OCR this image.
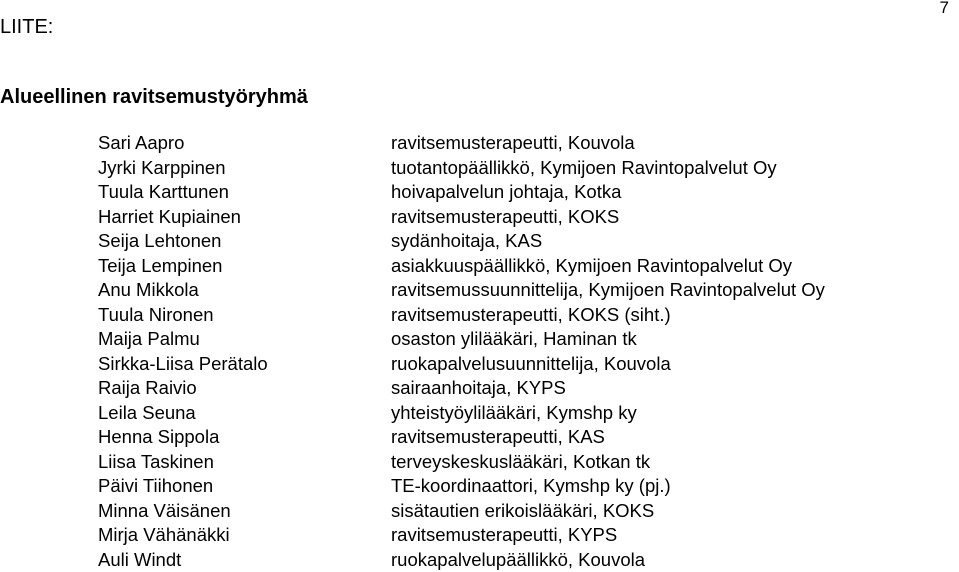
7
LIITE:
Alueellinen ravitsemustyöryhmä
Sari Aapro
Jyrki Karppinen
Tuula Karttunen
Harriet Kupiainen
Seija Lehtonen
Teija Lempinen
Anu Mikkola
Tuula Nironen
Maija Palmu
Sirkka-Liisa Perätalo
Raija Raivio
Leila Seuna
Henna Sippola
Liisa Taskinen
Päivi Tiihonen
Minna Väisänen
Mirja Vähänäkki
Auli Windt
ravitsemusterapeutti, Kouvola
tuotantopäällikkö, Kymijoen Ravintopalvelut Oy
hoivapalvelun johtaja, Kotka
ravitsemusterapeutti, KOKS
sydänhoitaja, KAS
asiakkuuspäällikkö, Kymijoen Ravintopalvelut Oy
ravitsemussuunnittelija, Kymijoen Ravintopalvelut Oy
ravitsemusterapeutti, KOKS (siht.)
osaston ylilääkäri, Haminan tk
ruokapalvelusuunnittelija, Kouvola
sairaanhoitaja, KYPS
yhteistyöylilääkäri, Kymshp ky
ravitsemusterapeutti, KAS
terveyskeskuslääkäri, Kotkan tk
TE-koordinaattori, Kymshp ky (pj.)
sisätautien erikoislääkäri, KOKS
ravitsemusterapeutti, KYPS
ruokapalvelupäällikkö, Kouvola
